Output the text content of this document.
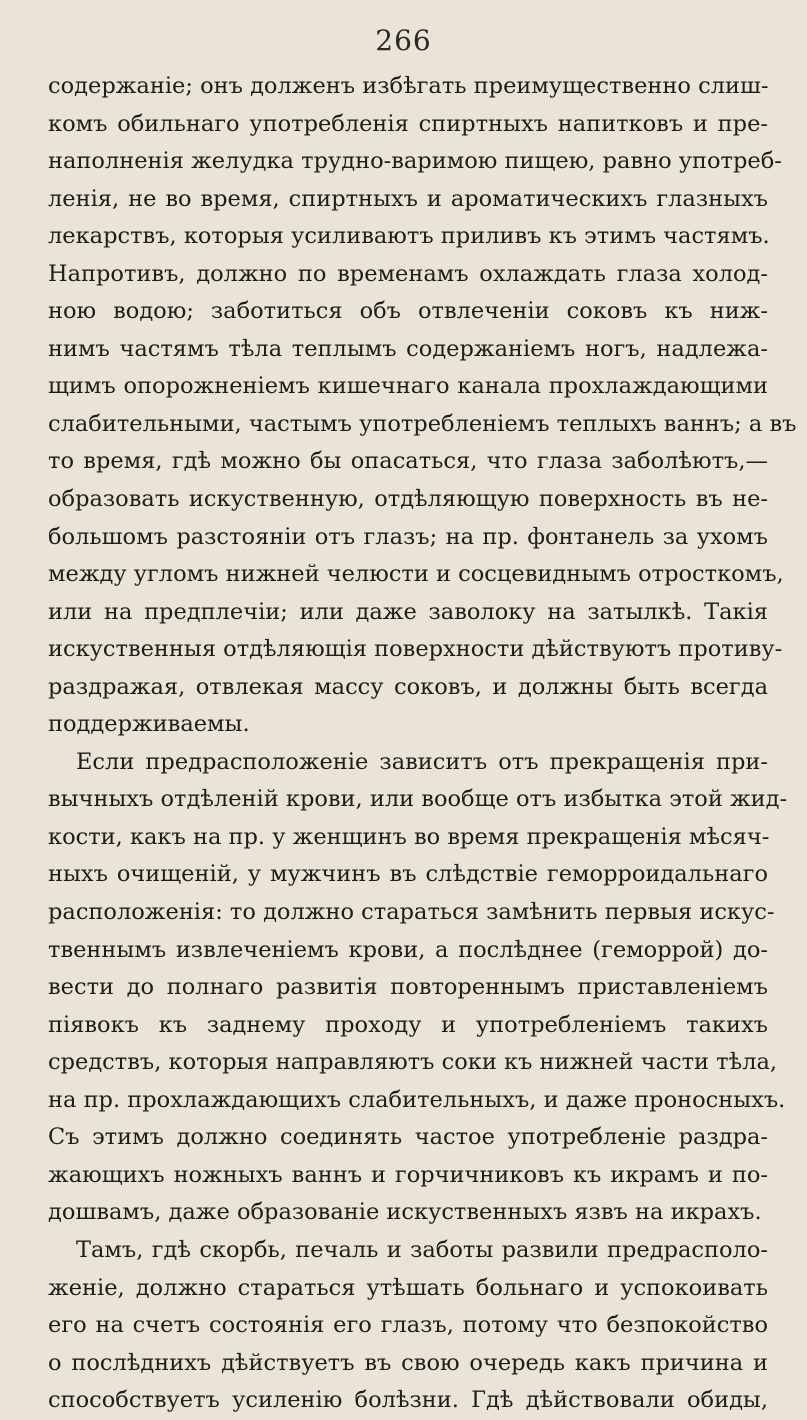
266
содержаніе; онъ долженъ избѣгать преимущественно слиш-
комъ обильнаго употребленія спиртныхъ напитковъ и пре-
наполненія желудка трудно-варимою пищею, равно употреб-
ленія, не во время, спиртныхъ и ароматическихъ глазныхъ
лекарствъ, которыя усиливаютъ приливъ къ этимъ частямъ.
Напротивъ, должно по временамъ охлаждать глаза холод-
ною водою; заботиться объ отвлеченіи соковъ къ ниж-
нимъ частямъ тѣла теплымъ содержаніемъ ногъ, надлежа-
щимъ опорожненіемъ кишечнаго канала прохлаждающими
слабительными, частымъ употребленіемъ теплыхъ ваннъ; а въ
то время, гдѣ можно бы опасаться, что глаза заболѣютъ,—
образовать искуственную, отдѣляющую поверхность въ не-
большомъ разстояніи отъ глазъ; на пр. фонтанель за ухомъ
между угломъ нижней челюсти и сосцевиднымъ отросткомъ,
или на предплечіи; или даже заволоку на затылкѣ. Такія
искуственныя отдѣляющія поверхности дѣйствуютъ противу-
раздражая, отвлекая массу соковъ, и должны быть всегда
поддерживаемы.
Если предрасположеніе зависитъ отъ прекращенія при-
вычныхъ отдѣленій крови, или вообще отъ избытка этой жид-
кости, какъ на пр. у женщинъ во время прекращенія мѣсяч-
ныхъ очищеній, у мужчинъ въ слѣдствіе геморроидальнаго
расположенія: то должно стараться замѣнить первыя искус-
твеннымъ извлеченіемъ крови, а послѣднее (геморрой) до-
вести до полнаго развитія повтореннымъ приставленіемъ
піявокъ къ заднему проходу и употребленіемъ такихъ
средствъ, которыя направляютъ соки къ нижней части тѣла,
на пр. прохлаждающихъ слабительныхъ, и даже проносныхъ.
Съ этимъ должно соединять частое употребленіе раздра-
жающихъ ножныхъ ваннъ и горчичниковъ къ икрамъ и по-
дошвамъ, даже образованіе искуственныхъ язвъ на икрахъ.
Тамъ, гдѣ скорбь, печаль и заботы развили предрасполо-
женіе, должно стараться утѣшать больнаго и успокоивать
его на счетъ состоянія его глазъ, потому что безпокойство
о послѣднихъ дѣйствуетъ въ свою очередь какъ причина и
способствуетъ усиленію болѣзни. Гдѣ дѣйствовали обиды,
